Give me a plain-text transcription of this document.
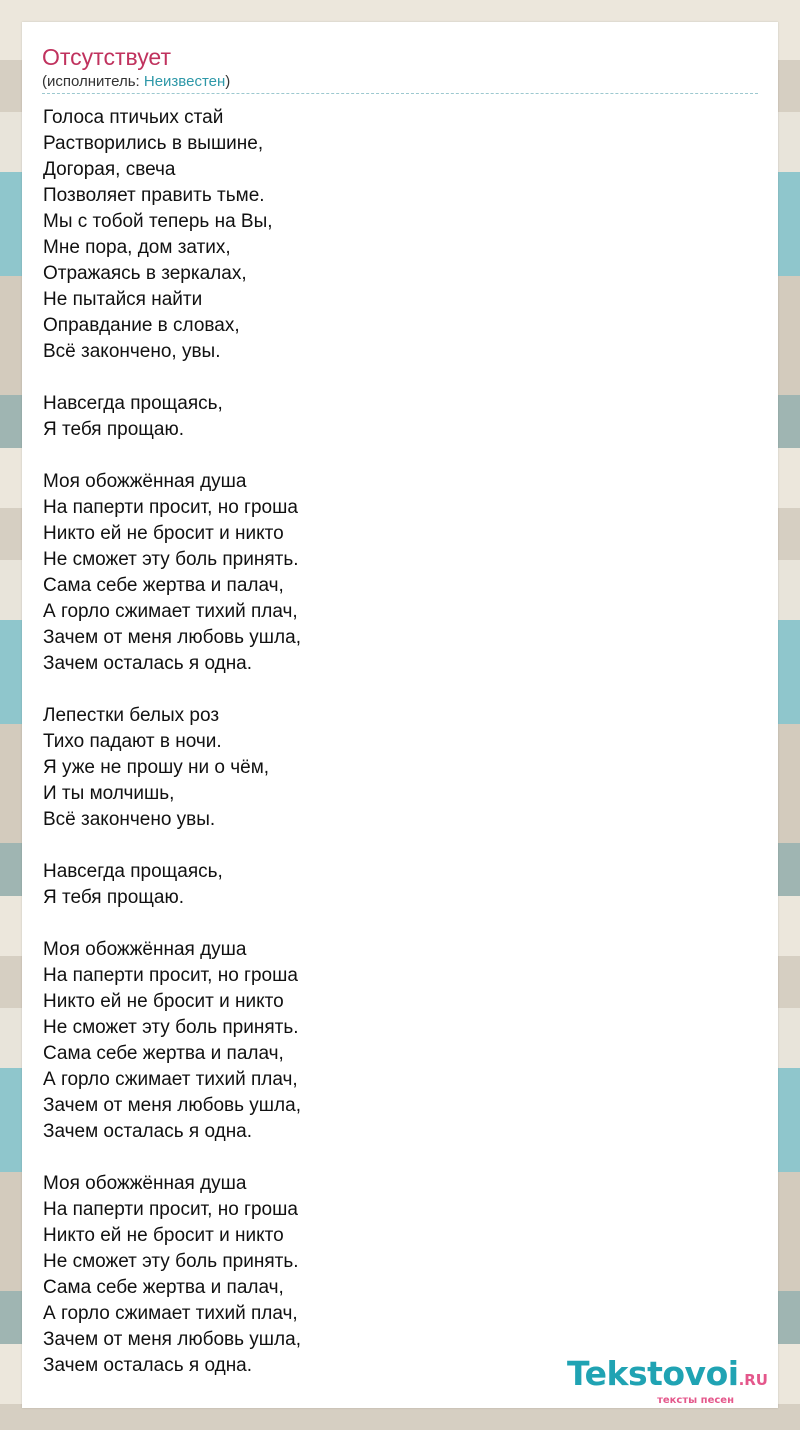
Отсутствует
(исполнитель: Неизвестен)
Голоса птичьих стай
Растворились в вышине,
Догорая, свеча
Позволяет править тьме.
Мы с тобой теперь на Вы,
Мне пора, дом затих,
Отражаясь в зеркалах,
Не пытайся найти
Оправдание в словах,
Всё закончено, увы.
Навсегда прощаясь,
Я тебя прощаю.
Моя обожжённая душа
На паперти просит, но гроша
Никто ей не бросит и никто
Не сможет эту боль принять.
Сама себе жертва и палач,
А горло сжимает тихий плач,
Зачем от меня любовь ушла,
Зачем осталась я одна.
Лепестки белых роз
Тихо падают в ночи.
Я уже не прошу ни о чём,
И ты молчишь,
Всё закончено увы.
Навсегда прощаясь,
Я тебя прощаю.
Моя обожжённая душа
На паперти просит, но гроша
Никто ей не бросит и никто
Не сможет эту боль принять.
Сама себе жертва и палач,
А горло сжимает тихий плач,
Зачем от меня любовь ушла,
Зачем осталась я одна.
Моя обожжённая душа
На паперти просит, но гроша
Никто ей не бросит и никто
Не сможет эту боль принять.
Сама себе жертва и палач,
А горло сжимает тихий плач,
Зачем от меня любовь ушла,
Зачем осталась я одна.	Tekstovoi.RU
тексты песен
